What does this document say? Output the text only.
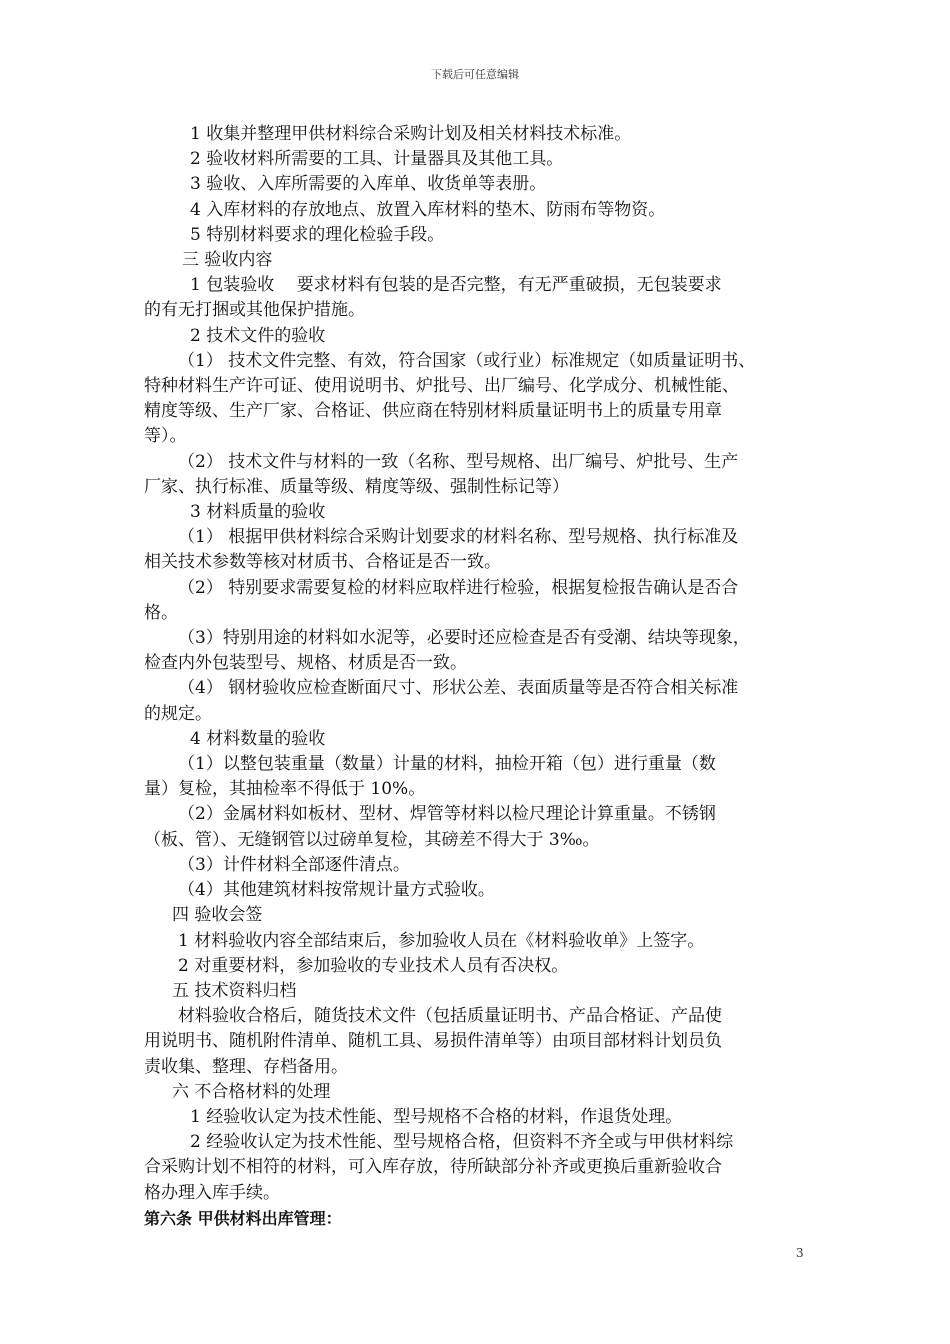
下载后可任意编辑
1 收集并整理甲供材料综合采购计划及相关材料技术标准。
2 验收材料所需要的工具、计量器具及其他工具。
3 验收、入库所需要的入库单、收货单等表册。
4 入库材料的存放地点、放置入库材料的垫木、防雨布等物资。
5 特别材料要求的理化检验手段。
三 验收内容
1 包装验收　 要求材料有包装的是否完整，有无严重破损，无包装要求
的有无打捆或其他保护措施。
2 技术文件的验收
（1） 技术文件完整、有效，符合国家（或行业）标准规定（如质量证明书、
特种材料生产许可证、使用说明书、炉批号、出厂编号、化学成分、机械性能、
精度等级、生产厂家、合格证、供应商在特别材料质量证明书上的质量专用章
等）。
（2） 技术文件与材料的一致（名称、型号规格、出厂编号、炉批号、生产
厂家、执行标准、质量等级、精度等级、强制性标记等）
3 材料质量的验收
（1） 根据甲供材料综合采购计划要求的材料名称、型号规格、执行标准及
相关技术参数等核对材质书、合格证是否一致。
（2） 特别要求需要复检的材料应取样进行检验，根据复检报告确认是否合
格。
（3）特别用途的材料如水泥等，必要时还应检查是否有受潮、结块等现象，
检查内外包装型号、规格、材质是否一致。
（4） 钢材验收应检查断面尺寸、形状公差、表面质量等是否符合相关标准
的规定。
4 材料数量的验收
（1）以整包装重量（数量）计量的材料，抽检开箱（包）进行重量（数
量）复检，其抽检率不得低于 10%。
（2）金属材料如板材、型材、焊管等材料以检尺理论计算重量。不锈钢
（板、管）、无缝钢管以过磅单复检，其磅差不得大于 3‰。
（3）计件材料全部逐件清点。
（4）其他建筑材料按常规计量方式验收。
四 验收会签
1 材料验收内容全部结束后，参加验收人员在《材料验收单》上签字。
2 对重要材料，参加验收的专业技术人员有否决权。
五 技术资料归档
材料验收合格后，随货技术文件（包括质量证明书、产品合格证、产品使
用说明书、随机附件清单、随机工具、易损件清单等）由项目部材料计划员负
责收集、整理、存档备用。
六 不合格材料的处理
1 经验收认定为技术性能、型号规格不合格的材料，作退货处理。
2 经验收认定为技术性能、型号规格合格，但资料不齐全或与甲供材料综
合采购计划不相符的材料，可入库存放，待所缺部分补齐或更换后重新验收合
格办理入库手续。
第六条 甲供材料出库管理：
3
